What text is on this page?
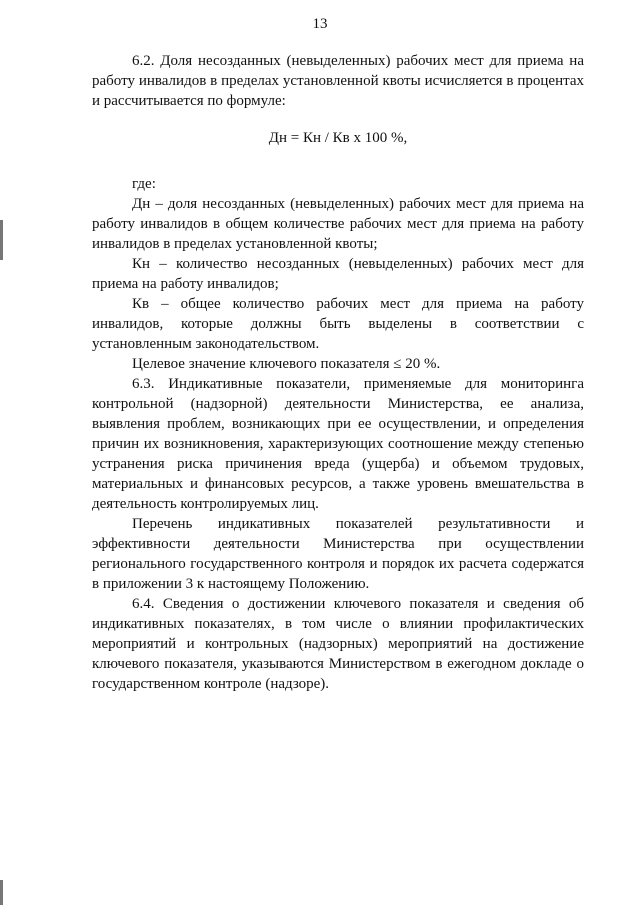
13

6.2. Доля несозданных (невыделенных) рабочих мест для приема на работу инвалидов в пределах установленной квоты исчисляется в процентах и рассчитывается по формуле:

Дн = Кн / Кв х 100 %,

где:

Дн – доля несозданных (невыделенных) рабочих мест для приема на работу инвалидов в общем количестве рабочих мест для приема на работу инвалидов в пределах установленной квоты;

Кн – количество несозданных (невыделенных) рабочих мест для приема на работу инвалидов;

Кв – общее количество рабочих мест для приема на работу инвалидов, которые должны быть выделены в соответствии с установленным законодательством.

Целевое значение ключевого показателя ≤ 20 %.

6.3. Индикативные показатели, применяемые для мониторинга контрольной (надзорной) деятельности Министерства, ее анализа, выявления проблем, возникающих при ее осуществлении, и определения причин их возникновения, характеризующих соотношение между степенью устранения риска причинения вреда (ущерба) и объемом трудовых, материальных и финансовых ресурсов, а также уровень вмешательства в деятельность контролируемых лиц.

Перечень индикативных показателей результативности и эффективности деятельности Министерства при осуществлении регионального государственного контроля и порядок их расчета содержатся в приложении 3 к настоящему Положению.

6.4. Сведения о достижении ключевого показателя и сведения об индикативных показателях, в том числе о влиянии профилактических мероприятий и контрольных (надзорных) мероприятий на достижение ключевого показателя, указываются Министерством в ежегодном докладе о государственном контроле (надзоре).
